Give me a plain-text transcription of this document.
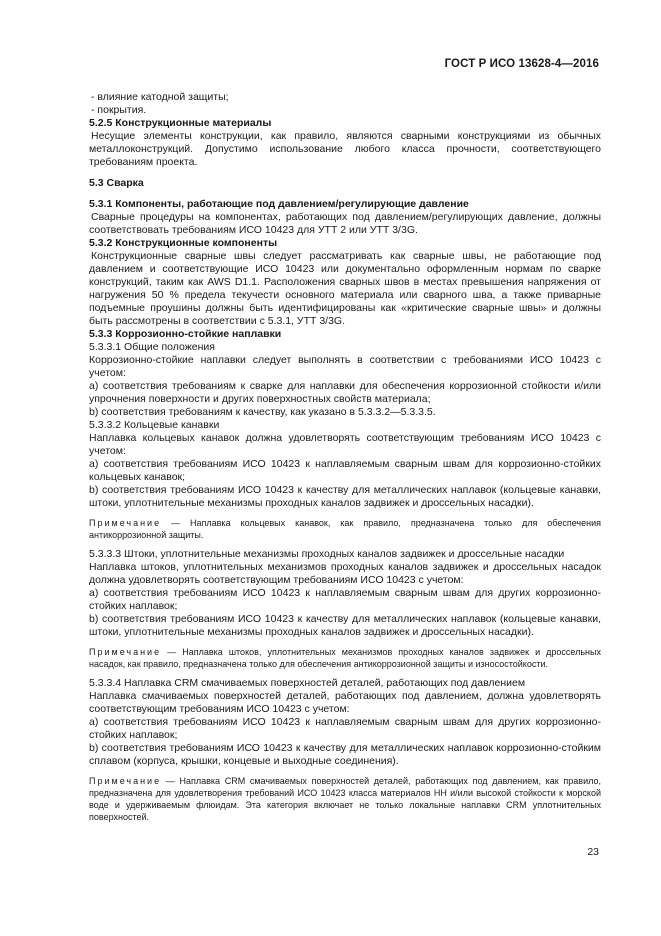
ГОСТ Р ИСО 13628-4—2016

- влияние катодной защиты;

- покрытия.

5.2.5 Конструкционные материалы

Несущие элементы конструкции, как правило, являются сварными конструкциями из обычных металлоконструкций. Допустимо использование любого класса прочности, соответствующего требованиям проекта.

5.3 Сварка

5.3.1 Компоненты, работающие под давлением/регулирующие давление

Сварные процедуры на компонентах, работающих под давлением/регулирующих давление, должны соответствовать требованиям ИСО 10423 для УТТ 2 или УТТ 3/3G.

5.3.2 Конструкционные компоненты

Конструкционные сварные швы следует рассматривать как сварные швы, не работающие под давлением и соответствующие ИСО 10423 или документально оформленным нормам по сварке конструкций, таким как AWS D1.1. Расположения сварных швов в местах превышения напряжения от нагружения 50 % предела текучести основного материала или сварного шва, а также приварные подъемные проушины должны быть идентифицированы как «критические сварные швы» и должны быть рассмотрены в соответствии с 5.3.1, УТТ 3/3G.

5.3.3 Коррозионно-стойкие наплавки

5.3.3.1 Общие положения

Коррозионно-стойкие наплавки следует выполнять в соответствии с требованиями ИСО 10423 с учетом:

a) соответствия требованиям к сварке для наплавки для обеспечения коррозионной стойкости и/или упрочнения поверхности и других поверхностных свойств материала;

b) соответствия требованиям к качеству, как указано в 5.3.3.2—5.3.3.5.

5.3.3.2 Кольцевые канавки

Наплавка кольцевых канавок должна удовлетворять соответствующим требованиям ИСО 10423 с учетом:

a) соответствия требованиям ИСО 10423 к наплавляемым сварным швам для коррозионно-стойких кольцевых канавок;

b) соответствия требованиям ИСО 10423 к качеству для металлических наплавок (кольцевые канавки, штоки, уплотнительные механизмы проходных каналов задвижек и дроссельных насадки).

Примечание — Наплавка кольцевых канавок, как правило, предназначена только для обеспечения антикоррозионной защиты.

5.3.3.3 Штоки, уплотнительные механизмы проходных каналов задвижек и дроссельные насадки

Наплавка штоков, уплотнительных механизмов проходных каналов задвижек и дроссельных насадок должна удовлетворять соответствующим требованиям ИСО 10423 с учетом:

a) соответствия требованиям ИСО 10423 к наплавляемым сварным швам для других коррозионно-стойких наплавок;

b) соответствия требованиям ИСО 10423 к качеству для металлических наплавок (кольцевые канавки, штоки, уплотнительные механизмы проходных каналов задвижек и дроссельных насадки).

Примечание — Наплавка штоков, уплотнительных механизмов проходных каналов задвижек и дроссельных насадок, как правило, предназначена только для обеспечения антикоррозионной защиты и износостойкости.

5.3.3.4 Наплавка CRM смачиваемых поверхностей деталей, работающих под давлением

Наплавка смачиваемых поверхностей деталей, работающих под давлением, должна удовлетворять соответствующим требованиям ИСО 10423 с учетом:

a) соответствия требованиям ИСО 10423 к наплавляемым сварным швам для других коррозионно-стойких наплавок;

b) соответствия требованиям ИСО 10423 к качеству для металлических наплавок коррозионно-стойким сплавом (корпуса, крышки, концевые и выходные соединения).

Примечание — Наплавка CRM смачиваемых поверхностей деталей, работающих под давлением, как правило, предназначена для удовлетворения требований ИСО 10423 класса материалов НН и/или высокой стойкости к морской воде и удерживаемым флюидам. Эта категория включает не только локальные наплавки CRM уплотнительных поверхностей.

23
